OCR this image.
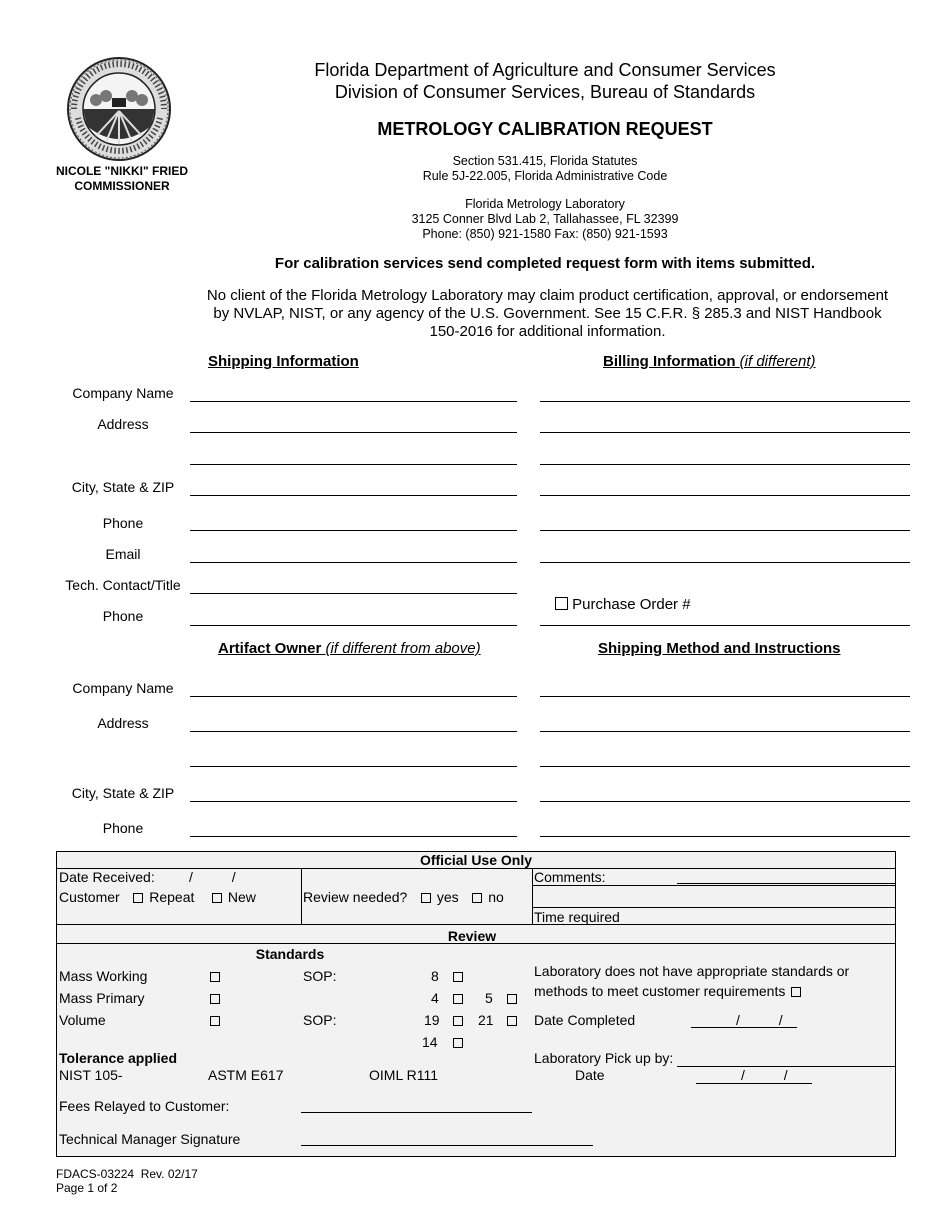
NICOLE "NIKKI" FRIED
COMMISSIONER
Florida Department of Agriculture and Consumer Services
Division of Consumer Services, Bureau of Standards
METROLOGY CALIBRATION REQUEST
Section 531.415, Florida Statutes
Rule 5J-22.005, Florida Administrative Code
Florida Metrology Laboratory
3125 Conner Blvd Lab 2, Tallahassee, FL 32399
Phone: (850) 921-1580 Fax: (850) 921-1593
For calibration services send completed request form with items submitted.
No client of the Florida Metrology Laboratory may claim product certification, approval, or endorsement
by NVLAP, NIST, or any agency of the U.S. Government. See 15 C.F.R. § 285.3 and NIST Handbook
150-2016 for additional information.
Shipping Information	Billing Information (if different)
Company Name
Address
City, State & ZIP
Phone
Email
Tech. Contact/Title
Phone
Purchase Order #
Artifact Owner (if different from above)	Shipping Method and Instructions
Company Name
Address
City, State & ZIP
Phone
Official Use Only
Date Received: /          /
Customer Repeat New	Review needed? yes no
Comments:
Time required
Review
Standards
Mass Working	SOP:	8
Mass Primary	4	5
Volume	SOP:	19	21
14
Laboratory does not have appropriate standards or
methods to meet customer requirements
Date Completed	/          /
Tolerance applied
NIST 105-	ASTM E617	OIML R111
Laboratory Pick up by:
Date	/          /
Fees Relayed to Customer:
Technical Manager Signature
FDACS-03224  Rev. 02/17
Page 1 of 2
